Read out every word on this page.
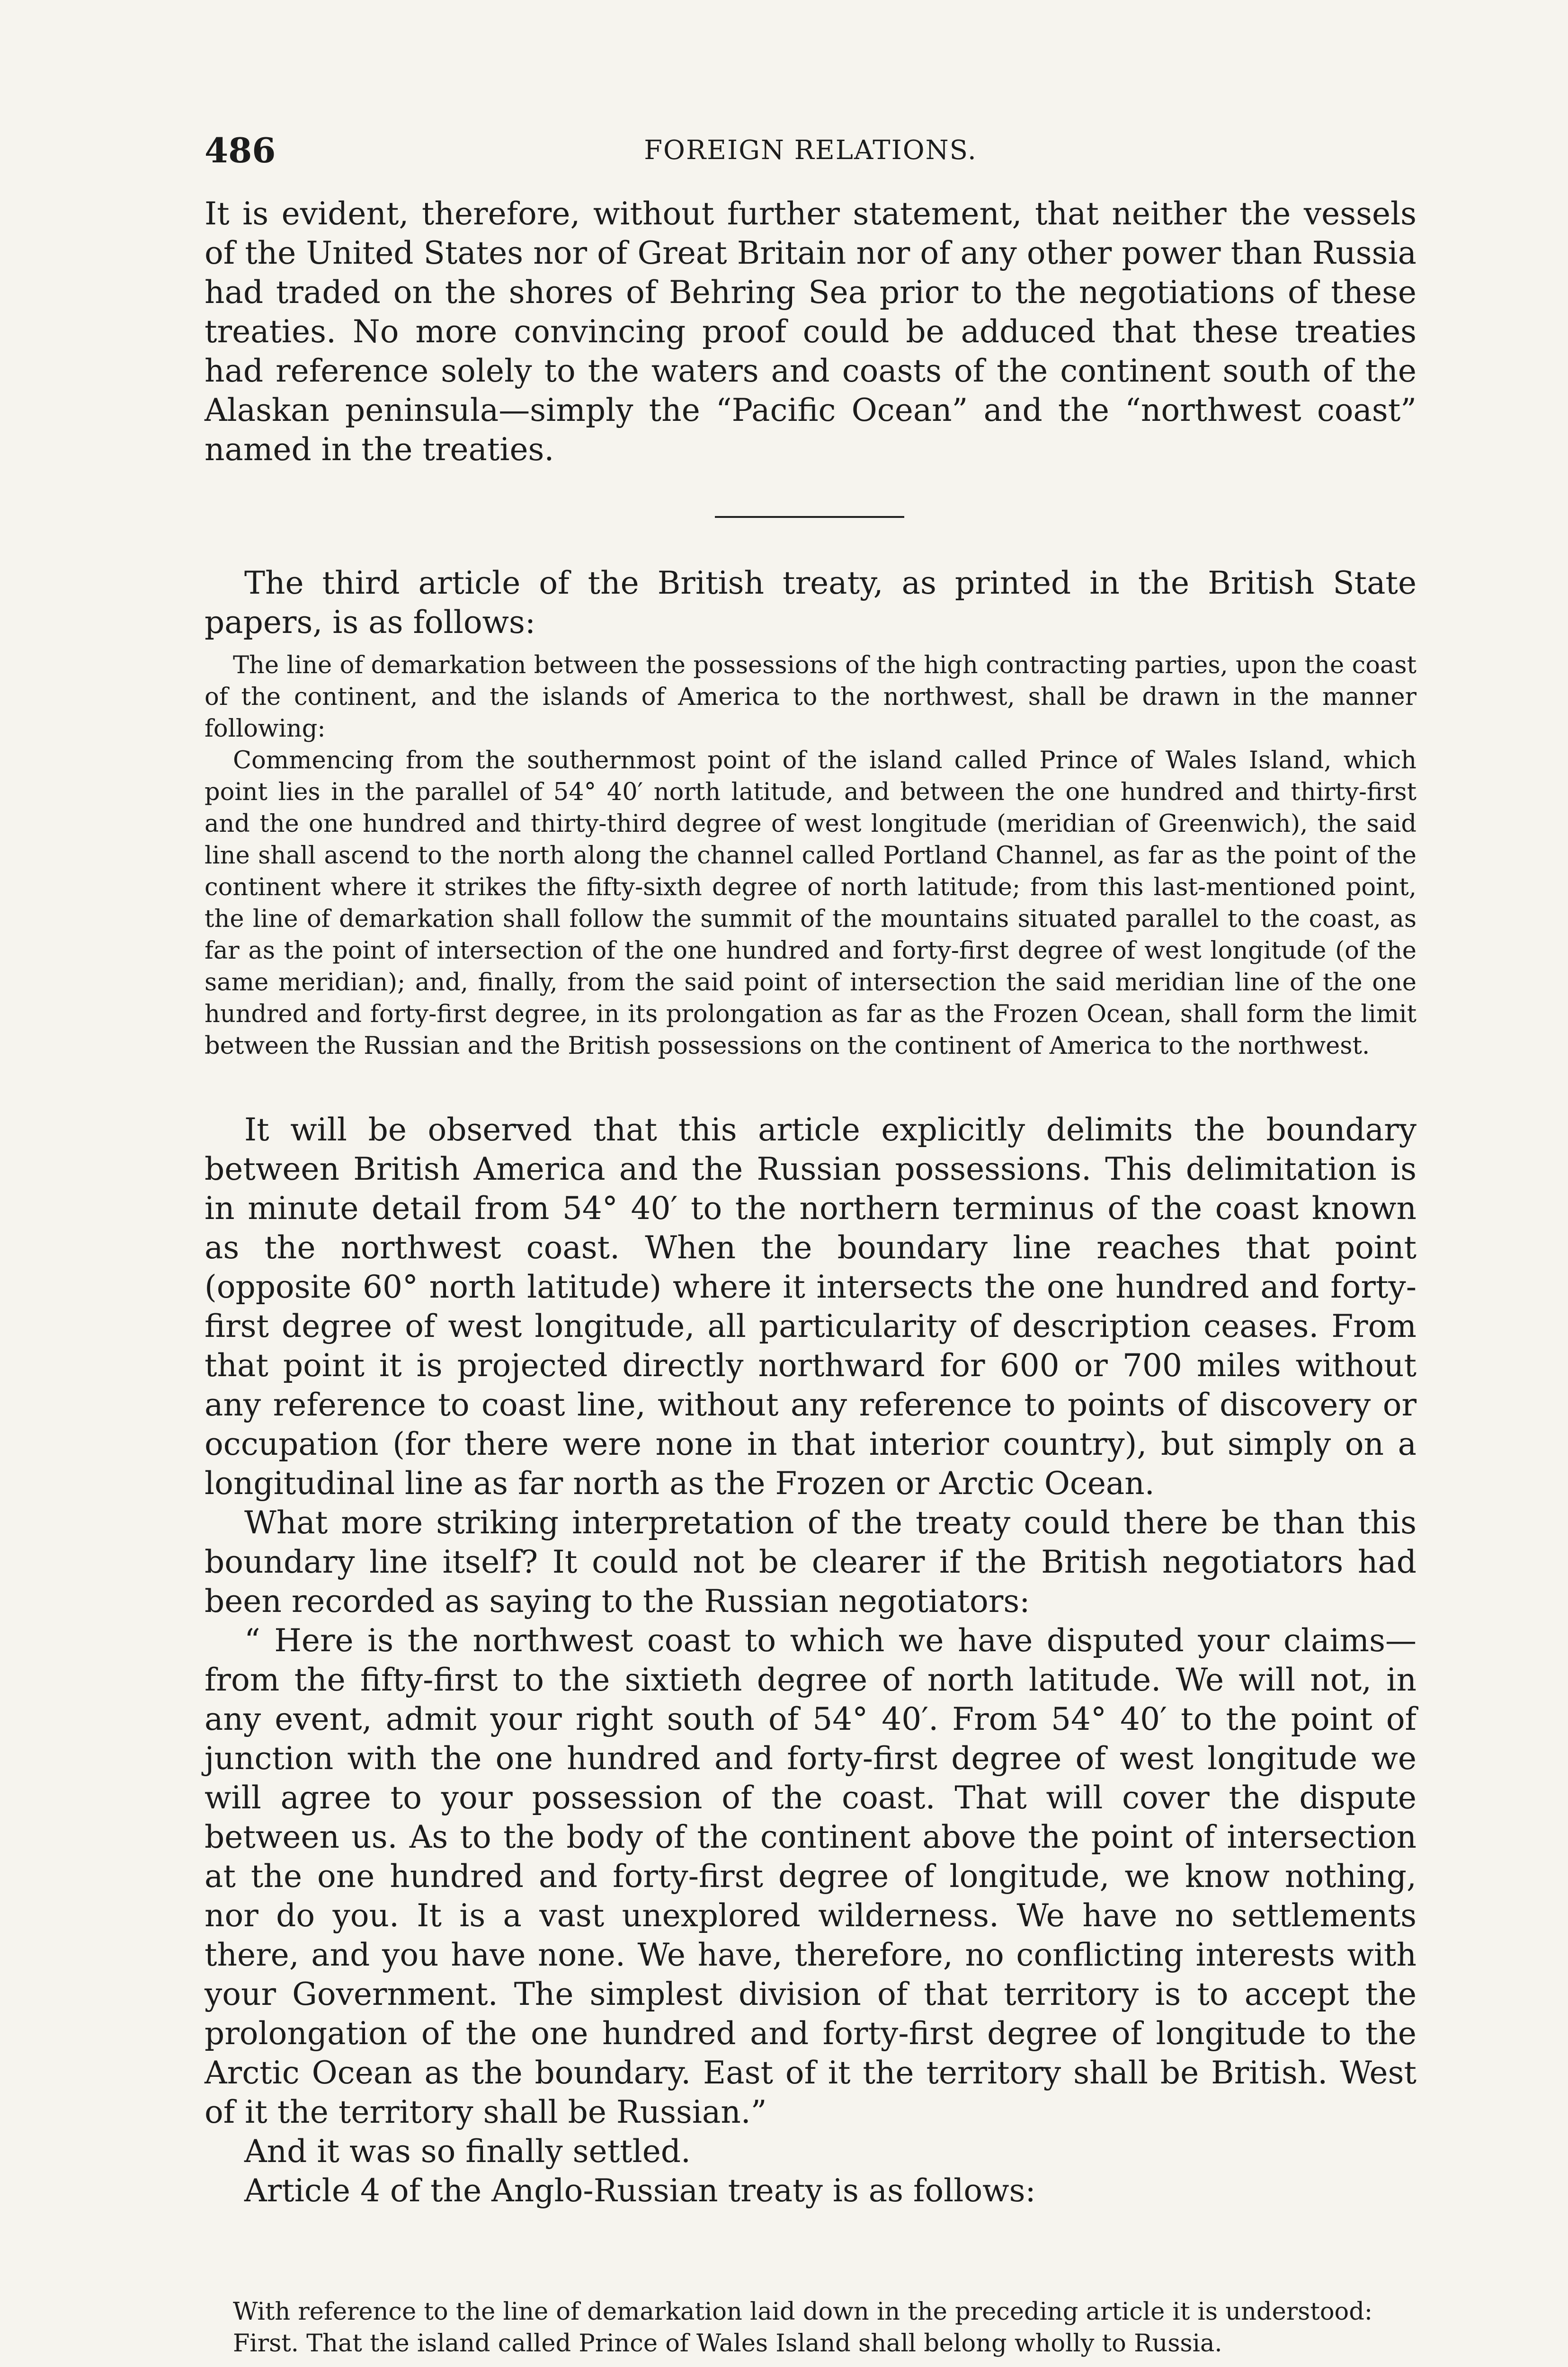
486	FOREIGN RELATIONS.

It is evident, therefore, without further statement, that neither the vessels of the United States nor of Great Britain nor of any other power than Russia had traded on the shores of Behring Sea prior to the negotiations of these treaties. No more convincing proof could be adduced that these treaties had reference solely to the waters and coasts of the continent south of the Alaskan peninsula—simply the “Pacific Ocean” and the “northwest coast” named in the treaties.

The third article of the British treaty, as printed in the British State papers, is as follows:

The line of demarkation between the possessions of the high contracting parties, upon the coast of the continent, and the islands of America to the northwest, shall be drawn in the manner following:

Commencing from the southernmost point of the island called Prince of Wales Island, which point lies in the parallel of 54° 40′ north latitude, and between the one hundred and thirty-first and the one hundred and thirty-third degree of west longitude (meridian of Greenwich), the said line shall ascend to the north along the channel called Portland Channel, as far as the point of the continent where it strikes the fifty-sixth degree of north latitude; from this last-mentioned point, the line of demarkation shall follow the summit of the mountains situated parallel to the coast, as far as the point of intersection of the one hundred and forty-first degree of west longitude (of the same meridian); and, finally, from the said point of intersection the said meridian line of the one hundred and forty-first degree, in its prolongation as far as the Frozen Ocean, shall form the limit between the Russian and the British possessions on the continent of America to the northwest.

It will be observed that this article explicitly delimits the boundary between British America and the Russian possessions. This delimitation is in minute detail from 54° 40′ to the northern terminus of the coast known as the northwest coast. When the boundary line reaches that point (opposite 60° north latitude) where it intersects the one hundred and forty-first degree of west longitude, all particularity of description ceases. From that point it is projected directly northward for 600 or 700 miles without any reference to coast line, without any reference to points of discovery or occupation (for there were none in that interior country), but simply on a longitudinal line as far north as the Frozen or Arctic Ocean.

What more striking interpretation of the treaty could there be than this boundary line itself? It could not be clearer if the British negotiators had been recorded as saying to the Russian negotiators:

“ Here is the northwest coast to which we have disputed your claims—from the fifty-first to the sixtieth degree of north latitude. We will not, in any event, admit your right south of 54° 40′. From 54° 40′ to the point of junction with the one hundred and forty-first degree of west longitude we will agree to your possession of the coast. That will cover the dispute between us. As to the body of the continent above the point of intersection at the one hundred and forty-first degree of longitude, we know nothing, nor do you. It is a vast unexplored wilderness. We have no settlements there, and you have none. We have, therefore, no conflicting interests with your Government. The simplest division of that territory is to accept the prolongation of the one hundred and forty-first degree of longitude to the Arctic Ocean as the boundary. East of it the territory shall be British. West of it the territory shall be Russian.”

And it was so finally settled.

Article 4 of the Anglo-Russian treaty is as follows:

With reference to the line of demarkation laid down in the preceding article it is understood:

First. That the island called Prince of Wales Island shall belong wholly to Russia.
